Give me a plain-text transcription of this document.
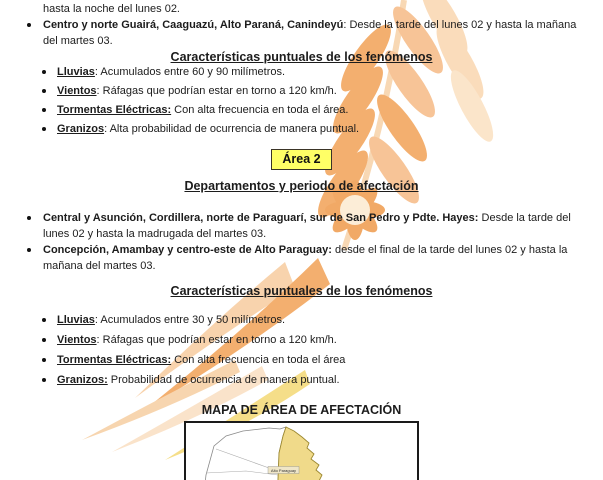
hasta la noche del lunes 02.

Centro y norte Guairá, Caaguazú, Alto Paraná, Canindeyú: Desde la tarde del lunes 02 y hasta la mañana del martes 03.
Características puntuales de los fenómenos
Lluvias: Acumulados entre 60 y 90 milímetros.
Vientos: Ráfagas que podrían estar en torno a 120 km/h.
Tormentas Eléctricas: Con alta frecuencia en toda el área.
Granizos: Alta probabilidad de ocurrencia de manera puntual.
Área 2
Departamentos y periodo de afectación
Central y Asunción, Cordillera, norte de Paraguarí, sur de San Pedro y Pdte. Hayes: Desde la tarde del lunes 02 y hasta la madrugada del martes 03.
Concepción, Amambay y centro-este de Alto Paraguay: desde el final de la tarde del lunes 02 y hasta la mañana del martes 03.
Características puntuales de los fenómenos
Lluvias: Acumulados entre 30 y 50 milímetros.
Vientos: Ráfagas que podrían estar en torno a 120 km/h.
Tormentas Eléctricas: Con alta frecuencia en toda el área
Granizos: Probabilidad de ocurrencia de manera puntual.
MAPA DE ÁREA DE AFECTACIÓN
Alto Paraguay
